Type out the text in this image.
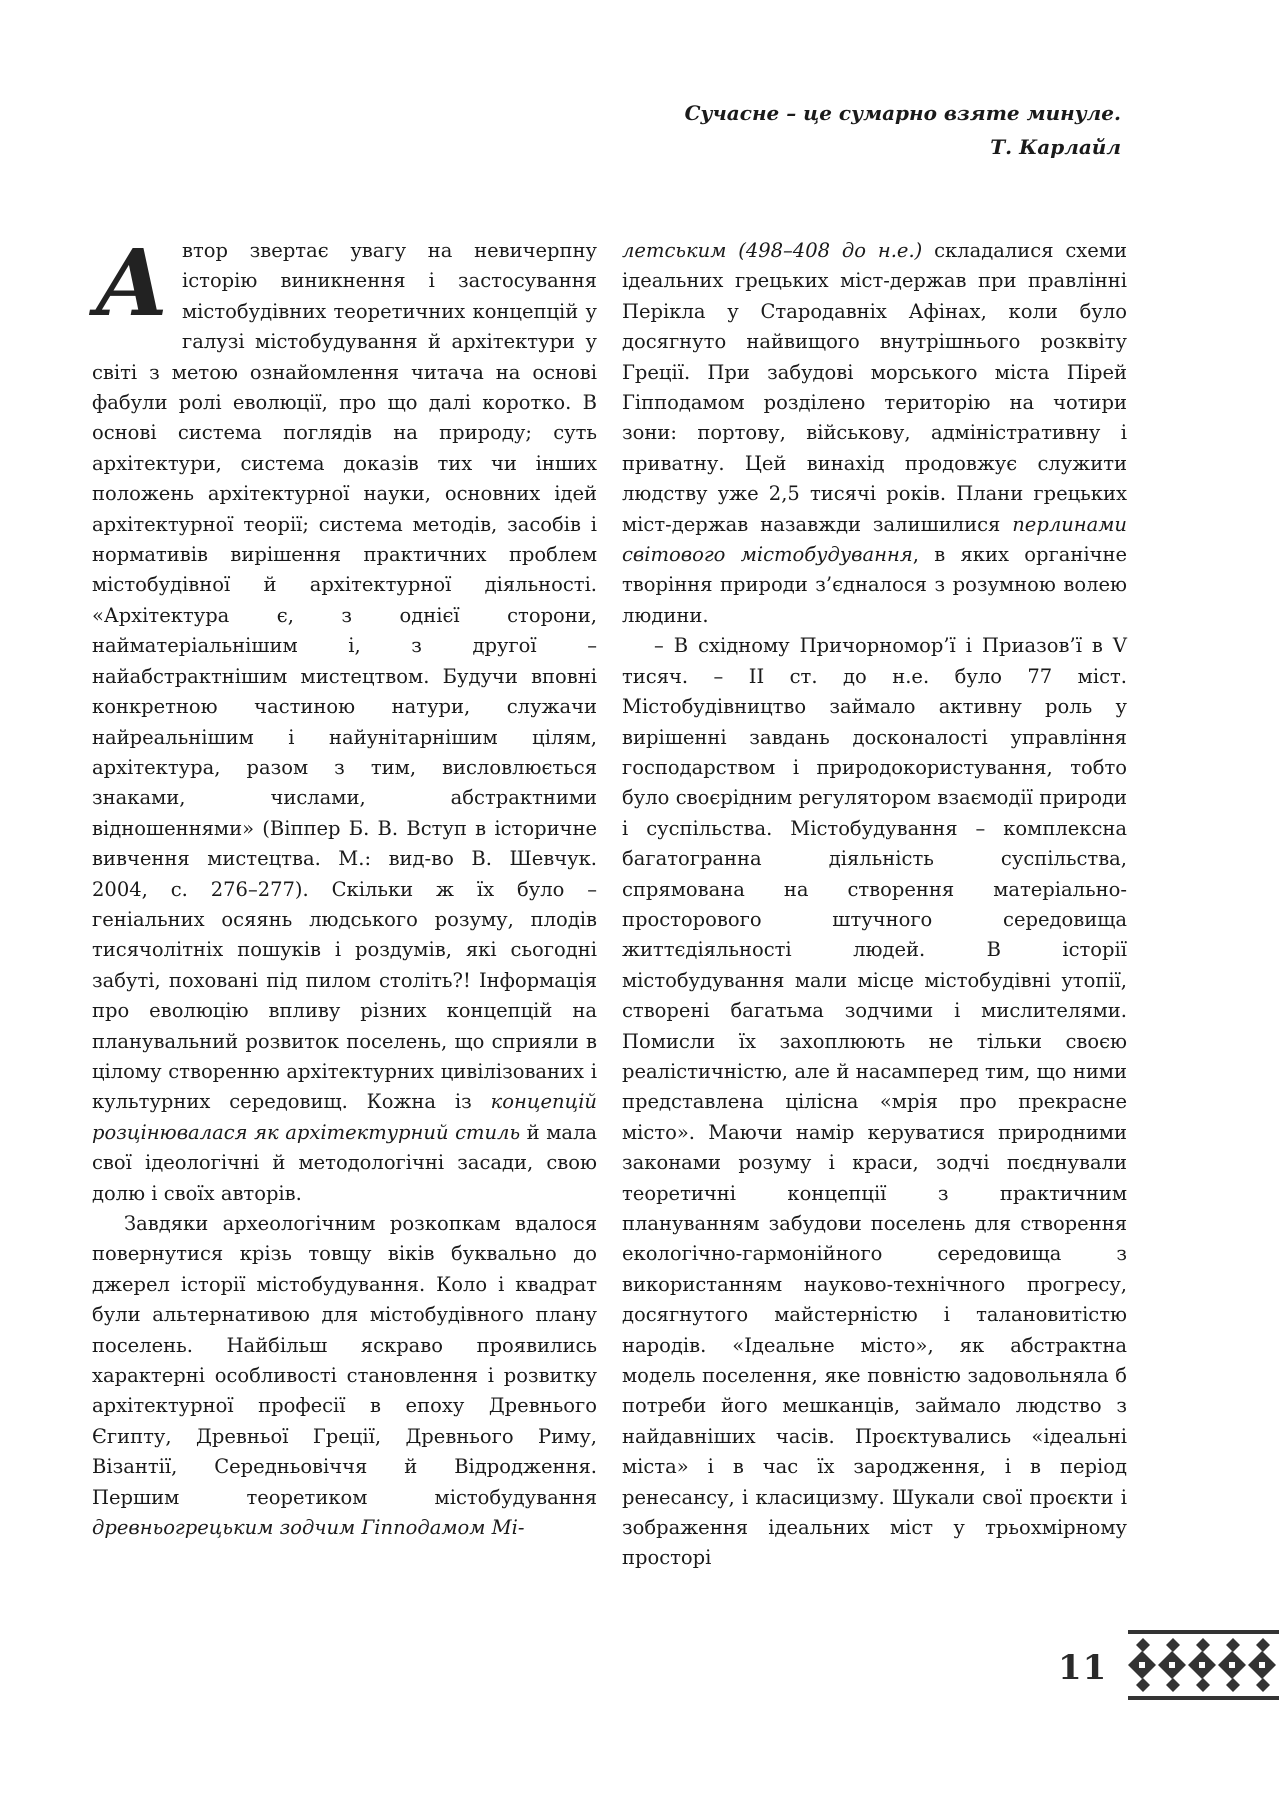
Сучасне – це сумарно взяте минуле.
Т. Карлайл

Автор звертає увагу на невичерпну історію виникнення і застосування містобудівних теоретичних концепцій у галузі містобудування й архітектури у світі з метою ознайомлення читача на основі фабули ролі еволюції, про що далі коротко. В основі система поглядів на природу; суть архітектури, система доказів тих чи інших положень архітектурної науки, основних ідей архітектурної теорії; система методів, засобів і нормативів вирішення практичних проблем містобудівної й архітектурної діяльності. «Архітектура є, з однієї сторони, найматеріальнішим і, з другої – найабстрактнішим мистецтвом. Будучи вповні конкретною частиною натури, служачи найреальнішим і найунітарнішим цілям, архітектура, разом з тим, висловлюється знаками, числами, абстрактними відношеннями» (Віппер Б. В. Вступ в історичне вивчення мистецтва. М.: вид-во В. Шевчук. 2004, с. 276–277). Скільки ж їх було – геніальних осяянь людського розуму, плодів тисячолітніх пошуків і роздумів, які сьогодні забуті, поховані під пилом століть?! Інформація про еволюцію впливу різних концепцій на планувальний розвиток поселень, що сприяли в цілому створенню архітектурних цивілізованих і культурних середовищ. Кожна із концепцій розцінювалася як архітектурний стиль й мала свої ідеологічні й методологічні засади, свою долю і своїх авторів.

Завдяки археологічним розкопкам вдалося повернутися крізь товщу віків буквально до джерел історії містобудування. Коло і квадрат були альтернативою для містобудівного плану поселень. Найбільш яскраво проявились характерні особливості становлення і розвитку архітектурної професії в епоху Древнього Єгипту, Древньої Греції, Древнього Риму, Візантії, Середньовіччя й Відродження. Першим теоретиком містобудування древньогрецьким зодчим Гіпподамом Мі-

летським (498–408 до н.е.) складалися схеми ідеальних грецьких міст-держав при правлінні Перікла у Стародавніх Афінах, коли було досягнуто найвищого внутрішнього розквіту Греції. При забудові морського міста Пірей Гіпподамом розділено територію на чотири зони: портову, військову, адміністративну і приватну. Цей винахід продовжує служити людству уже 2,5 тисячі років. Плани грецьких міст-держав назавжди залишилися перлинами світового містобудування, в яких органічне творіння природи з’єдналося з розумною волею людини.

– В східному Причорномор’ї і Приазов’ї в V тисяч. – II ст. до н.е. було 77 міст. Містобудівництво займало активну роль у вирішенні завдань досконалості управління господарством і природокористування, тобто було своєрідним регулятором взаємодії природи і суспільства. Містобудування – комплексна багатогранна діяльність суспільства, спрямована на створення матеріально-просторового штучного середовища життєдіяльності людей. В історії містобудування мали місце містобудівні утопії, створені багатьма зодчими і мислителями. Помисли їх захоплюють не тільки своєю реалістичністю, але й насамперед тим, що ними представлена цілісна «мрія про прекрасне місто». Маючи намір керуватися природними законами розуму і краси, зодчі поєднували теоретичні концепції з практичним плануванням забудови поселень для створення екологічно-гармонійного середовища з використанням науково-технічного прогресу, досягнутого майстерністю і талановитістю народів. «Ідеальне місто», як абстрактна модель поселення, яке повністю задовольняла б потреби його мешканців, займало людство з найдавніших часів. Проєктувались «ідеальні міста» і в час їх зародження, і в період ренесансу, і класицизму. Шукали свої проєкти і зображення ідеальних міст у трьохмірному просторі

11
